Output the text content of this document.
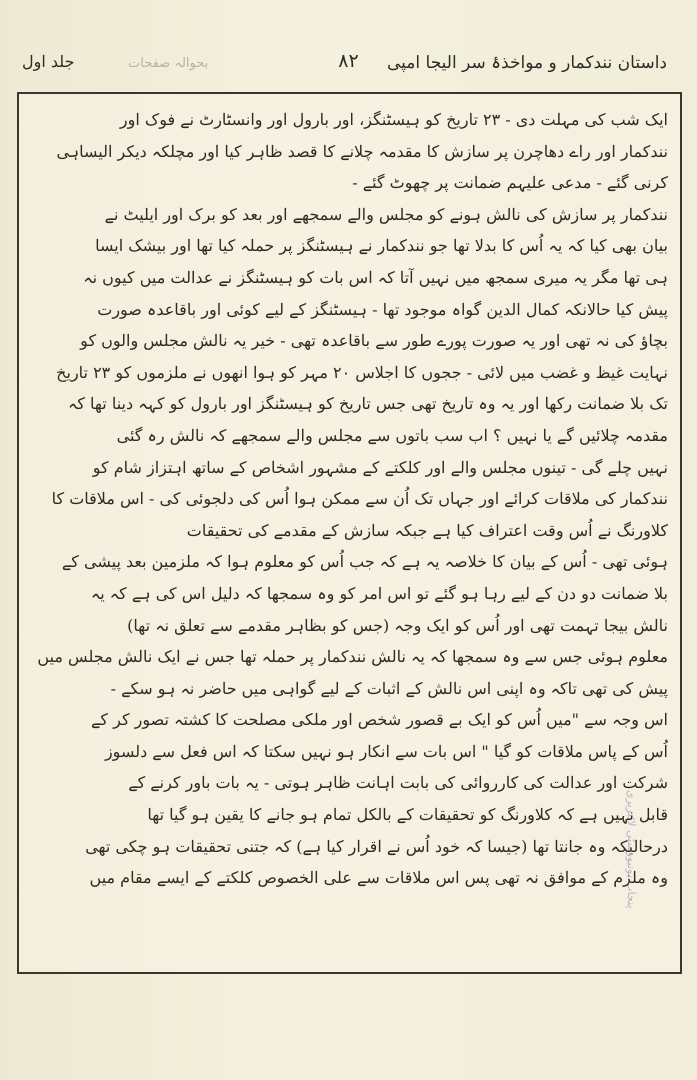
داستان نندکمار و مواخذۂ سر الیجا امپی
۸۲
بحوالہ صفحات
جلد اول
ایک شب کی مہلت دی - ۲۳ تاریخ کو ہیسٹنگز، اور بارول اور وانسٹارٹ نے فوک اور
نندکمار اور راے دھاچرن پر سازش کا مقدمہ چلانے کا قصد ظاہر کیا اور مچلکہ دیکر الیساہی
کرنی گئے - مدعی علیہم ضمانت پر چھوٹ گئے -
نندکمار پر سازش کی نالش ہونے کو مجلس والے سمجھے اور بعد کو برک اور ایلیٹ نے
بیان بھی کیا کہ یہ اُس کا بدلا تھا جو نندکمار نے ہیسٹنگز پر حملہ کیا تھا اور بیشک ایسا
ہی تھا مگر یہ میری سمجھ میں نہیں آتا کہ اس بات کو ہیسٹنگز نے عدالت میں کیوں نہ
پیش کیا حالانکہ کمال الدین گواہ موجود تھا - ہیسٹنگز کے لیے کوئی اور باقاعدہ صورت
بچاؤ کی نہ تھی اور یہ صورت پورے طور سے باقاعدہ تھی - خیر یہ نالش مجلس والوں کو
نہایت غیظ و غضب میں لائی - ججوں کا اجلاس ۲۰ مہر کو ہوا انھوں نے ملزموں کو ۲۳ تاریخ
تک بلا ضمانت رکھا اور یہ وہ تاریخ تھی جس تاریخ کو ہیسٹنگز اور بارول کو کہہ دینا تھا کہ
مقدمہ چلائیں گے یا نہیں ؟ اب سب باتوں سے مجلس والے سمجھے کہ نالش رہ گئی
نہیں چلے گی - تینوں مجلس والے اور کلکتے کے مشہور اشخاص کے ساتھ اہتزاز شام کو
نندکمار کی ملاقات کرائے اور جہاں تک اُن سے ممکن ہوا اُس کی دلجوئی کی - اس ملاقات کا
کلاورنگ نے اُس وقت اعتراف کیا ہے جبکہ سازش کے مقدمے کی تحقیقات
ہوئی تھی - اُس کے بیان کا خلاصہ یہ ہے کہ جب اُس کو معلوم ہوا کہ ملزمین بعد پیشی کے
بلا ضمانت دو دن کے لیے رہا ہو گئے تو اس امر کو وہ سمجھا کہ دلیل اس کی ہے کہ یہ
نالش بیجا تہمت تھی اور اُس کو ایک وجہ (جس کو بظاہر مقدمے سے تعلق نہ تھا)
معلوم ہوئی جس سے وہ سمجھا کہ یہ نالش نندکمار پر حملہ تھا جس نے ایک نالش مجلس میں
پیش کی تھی تاکہ وہ اپنی اس نالش کے اثبات کے لیے گواہی میں حاضر نہ ہو سکے -
اس وجہ سے "میں اُس کو ایک بے قصور شخص اور ملکی مصلحت کا کشتہ تصور کر کے
اُس کے پاس ملاقات کو گیا " اس بات سے انکار ہو نہیں سکتا کہ اس فعل سے دلسوز
شرکت اور عدالت کی کارروائی کی بابت اہانت ظاہر ہوتی - یہ بات باور کرنے کے
قابل نہیں ہے کہ کلاورنگ کو تحقیقات کے بالکل تمام ہو جانے کا یقین ہو گیا تھا
درحالیکہ وہ جانتا تھا (جیسا کہ خود اُس نے اقرار کیا ہے) کہ جتنی تحقیقات ہو چکی تھی
وہ ملزم کے موافق نہ تھی پس اس ملاقات سے علی الخصوص کلکتے کے ایسے مقام میں
پنجاب یونیورسٹی لائبریری
